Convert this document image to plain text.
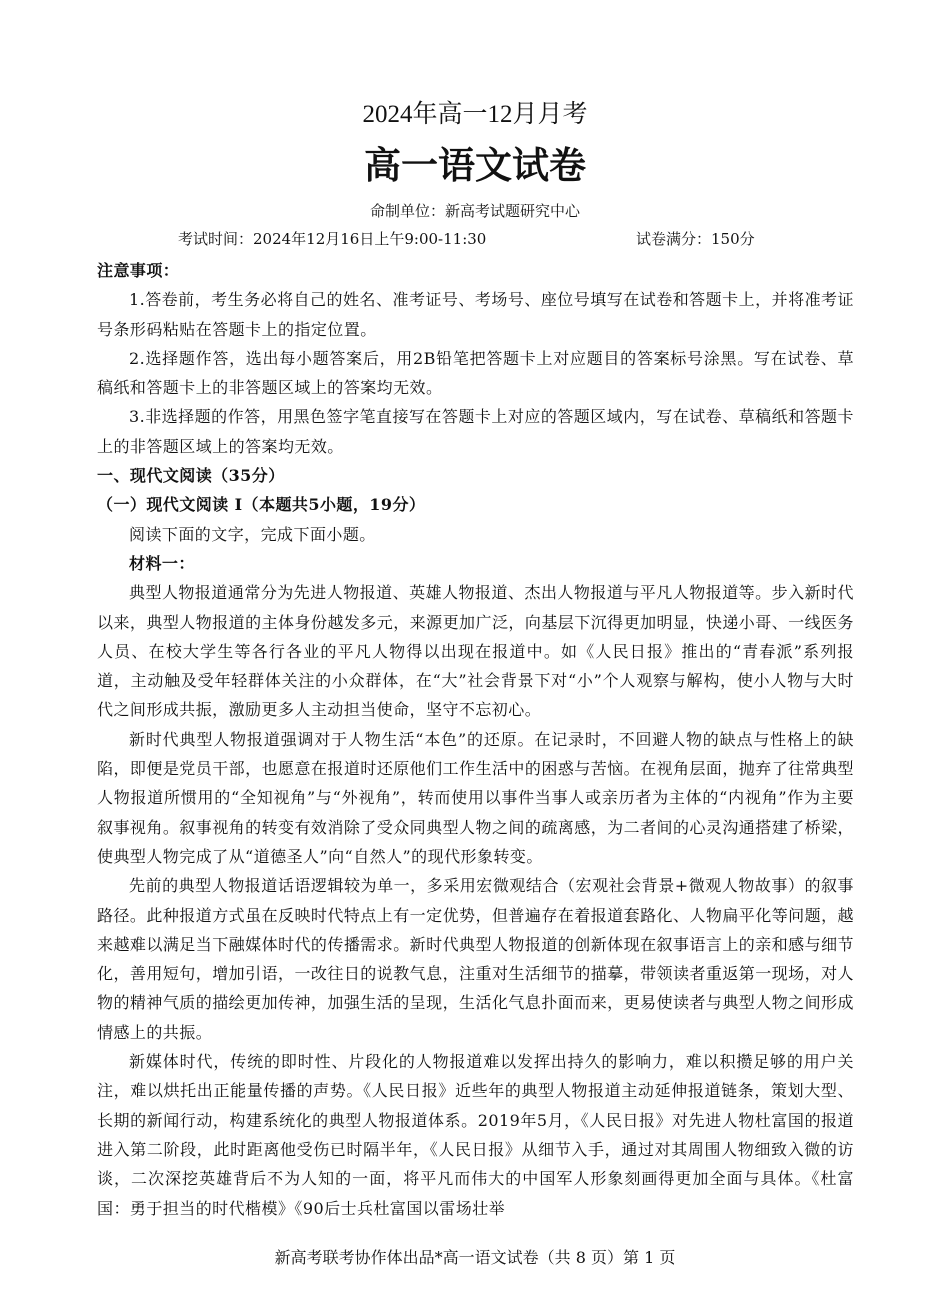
2024年高一12月月考
高一语文试卷
命制单位：新高考试题研究中心
考试时间：2024年12月16日上午9:00-11:30	试卷满分：150分

注意事项：

1.答卷前，考生务必将自己的姓名、准考证号、考场号、座位号填写在试卷和答题卡上，并将准考证号条形码粘贴在答题卡上的指定位置。

2.选择题作答，选出每小题答案后，用2B铅笔把答题卡上对应题目的答案标号涂黑。写在试卷、草稿纸和答题卡上的非答题区域上的答案均无效。

3.非选择题的作答，用黑色签字笔直接写在答题卡上对应的答题区域内，写在试卷、草稿纸和答题卡上的非答题区域上的答案均无效。

一、现代文阅读（35分）

（一）现代文阅读 I（本题共5小题，19分）

阅读下面的文字，完成下面小题。

材料一：

典型人物报道通常分为先进人物报道、英雄人物报道、杰出人物报道与平凡人物报道等。步入新时代以来，典型人物报道的主体身份越发多元，来源更加广泛，向基层下沉得更加明显，快递小哥、一线医务人员、在校大学生等各行各业的平凡人物得以出现在报道中。如《人民日报》推出的“青春派”系列报道，主动触及受年轻群体关注的小众群体，在“大”社会背景下对“小”个人观察与解构，使小人物与大时代之间形成共振，激励更多人主动担当使命，坚守不忘初心。

新时代典型人物报道强调对于人物生活“本色”的还原。在记录时，不回避人物的缺点与性格上的缺陷，即便是党员干部，也愿意在报道时还原他们工作生活中的困惑与苦恼。在视角层面，抛弃了往常典型人物报道所惯用的“全知视角”与“外视角”，转而使用以事件当事人或亲历者为主体的“内视角”作为主要叙事视角。叙事视角的转变有效消除了受众同典型人物之间的疏离感，为二者间的心灵沟通搭建了桥梁，使典型人物完成了从“道德圣人”向“自然人”的现代形象转变。

先前的典型人物报道话语逻辑较为单一，多采用宏微观结合（宏观社会背景+微观人物故事）的叙事路径。此种报道方式虽在反映时代特点上有一定优势，但普遍存在着报道套路化、人物扁平化等问题，越来越难以满足当下融媒体时代的传播需求。新时代典型人物报道的创新体现在叙事语言上的亲和感与细节化，善用短句，增加引语，一改往日的说教气息，注重对生活细节的描摹，带领读者重返第一现场，对人物的精神气质的描绘更加传神，加强生活的呈现，生活化气息扑面而来，更易使读者与典型人物之间形成情感上的共振。

新媒体时代，传统的即时性、片段化的人物报道难以发挥出持久的影响力，难以积攒足够的用户关注，难以烘托出正能量传播的声势。《人民日报》近些年的典型人物报道主动延伸报道链条，策划大型、长期的新闻行动，构建系统化的典型人物报道体系。2019年5月，《人民日报》对先进人物杜富国的报道进入第二阶段，此时距离他受伤已时隔半年，《人民日报》从细节入手，通过对其周围人物细致入微的访谈，二次深挖英雄背后不为人知的一面，将平凡而伟大的中国军人形象刻画得更加全面与具体。《杜富国：勇于担当的时代楷模》《90后士兵杜富国以雷场壮举

新高考联考协作体出品*高一语文试卷（共 8 页）第 1 页
